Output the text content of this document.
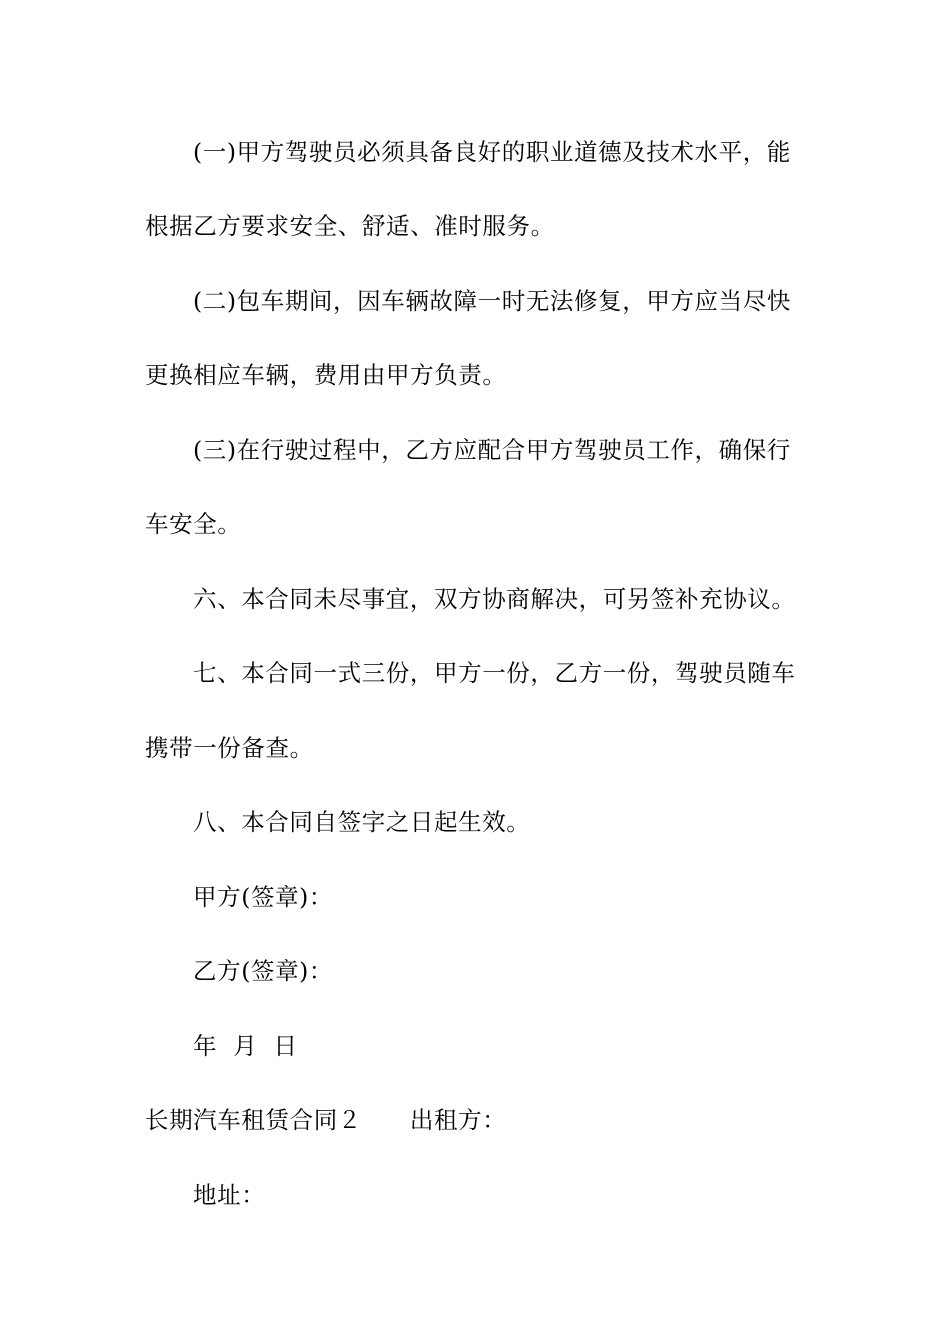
(一)甲方驾驶员必须具备良好的职业道德及技术水平，能
根据乙方要求安全、舒适、准时服务。
(二)包车期间，因车辆故障一时无法修复，甲方应当尽快
更换相应车辆，费用由甲方负责。
(三)在行驶过程中，乙方应配合甲方驾驶员工作，确保行
车安全。
六、本合同未尽事宜，双方协商解决，可另签补充协议。
七、本合同一式三份，甲方一份，乙方一份，驾驶员随车
携带一份备查。
八、本合同自签字之日起生效。
甲方(签章)：
乙方(签章)：
年  月  日
长期汽车租赁合同２ 出租方：
地址：
